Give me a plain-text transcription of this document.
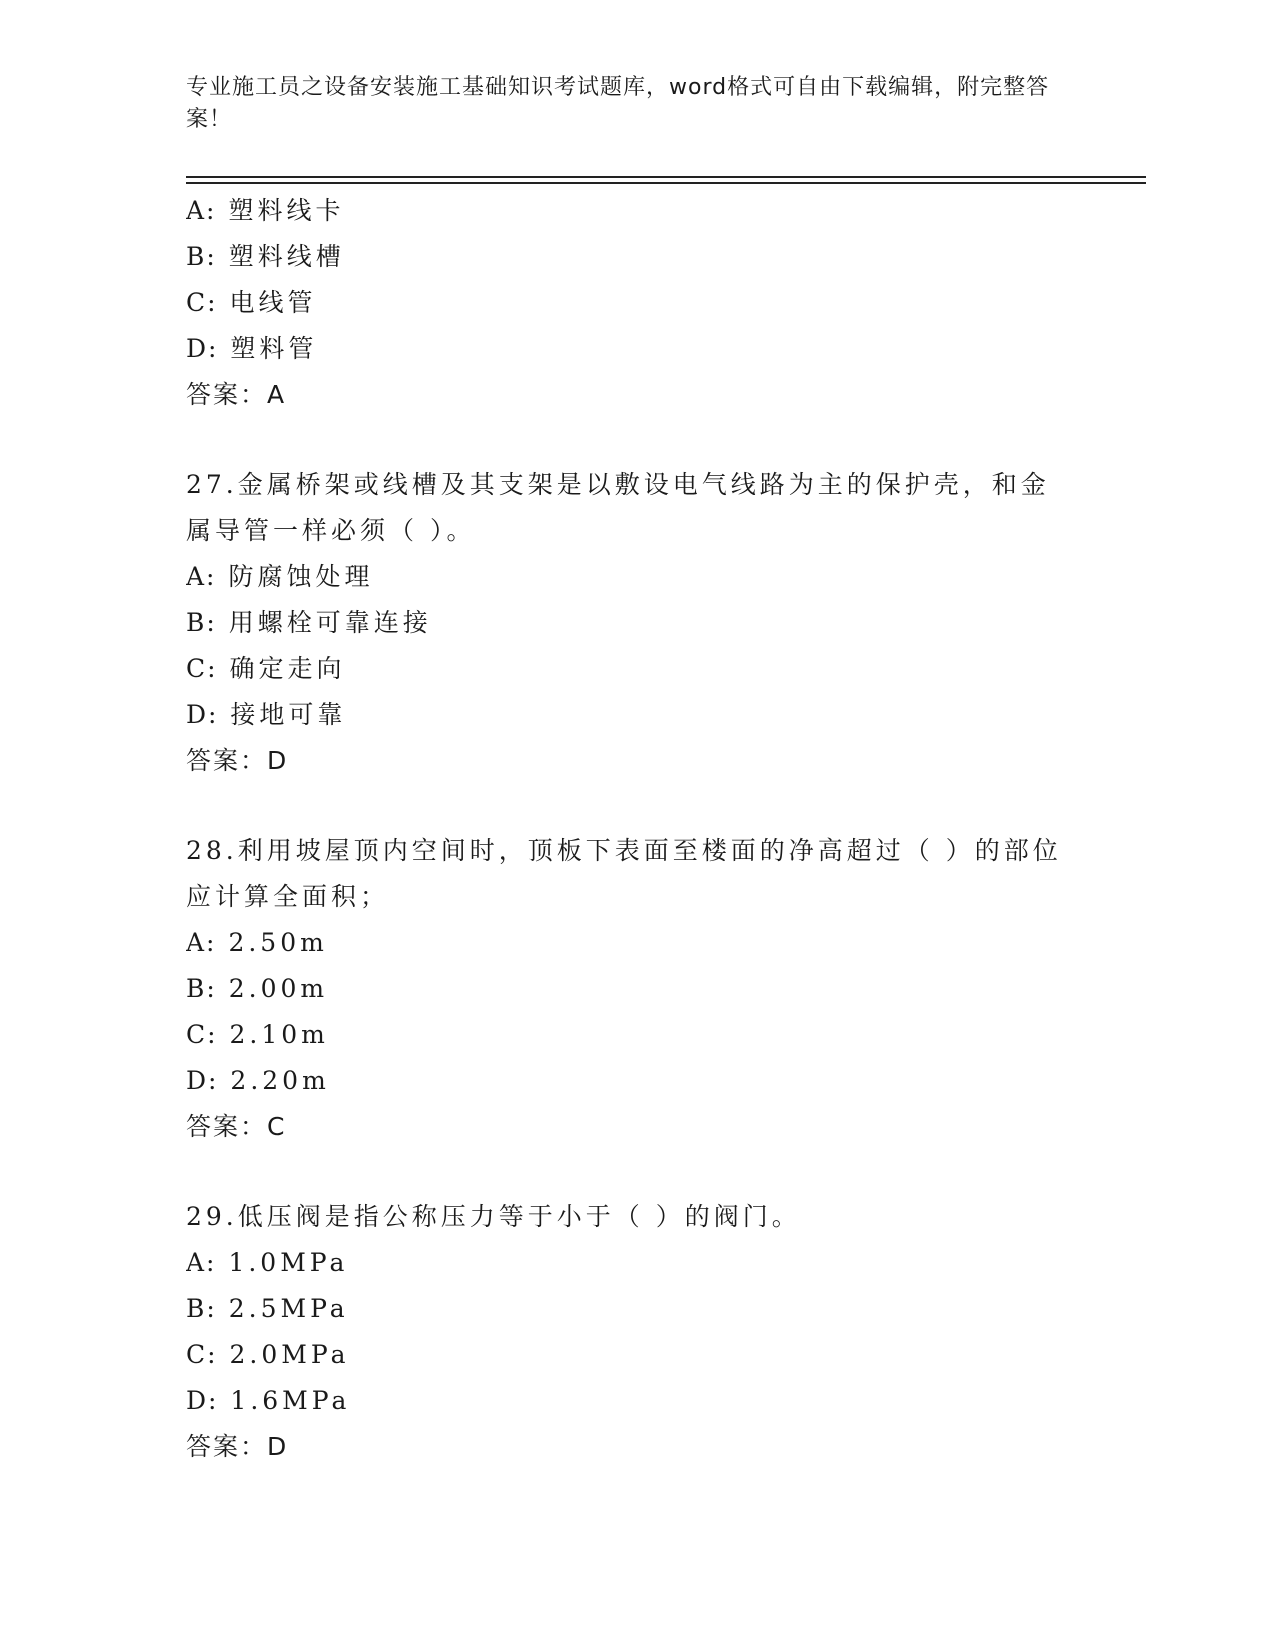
专业施工员之设备安装施工基础知识考试题库，word格式可自由下载编辑，附完整答案！
A: 塑料线卡
B: 塑料线槽
C: 电线管
D: 塑料管
答案：A
27.金属桥架或线槽及其支架是以敷设电气线路为主的保护壳，和金属导管一样必须（ ）。
A: 防腐蚀处理
B: 用螺栓可靠连接
C: 确定走向
D: 接地可靠
答案：D
28.利用坡屋顶内空间时，顶板下表面至楼面的净高超过（ ）的部位应计算全面积；
A: 2.50m
B: 2.00m
C: 2.10m
D: 2.20m
答案：C
29.低压阀是指公称压力等于小于（ ）的阀门。
A: 1.0MPa
B: 2.5MPa
C: 2.0MPa
D: 1.6MPa
答案：D
